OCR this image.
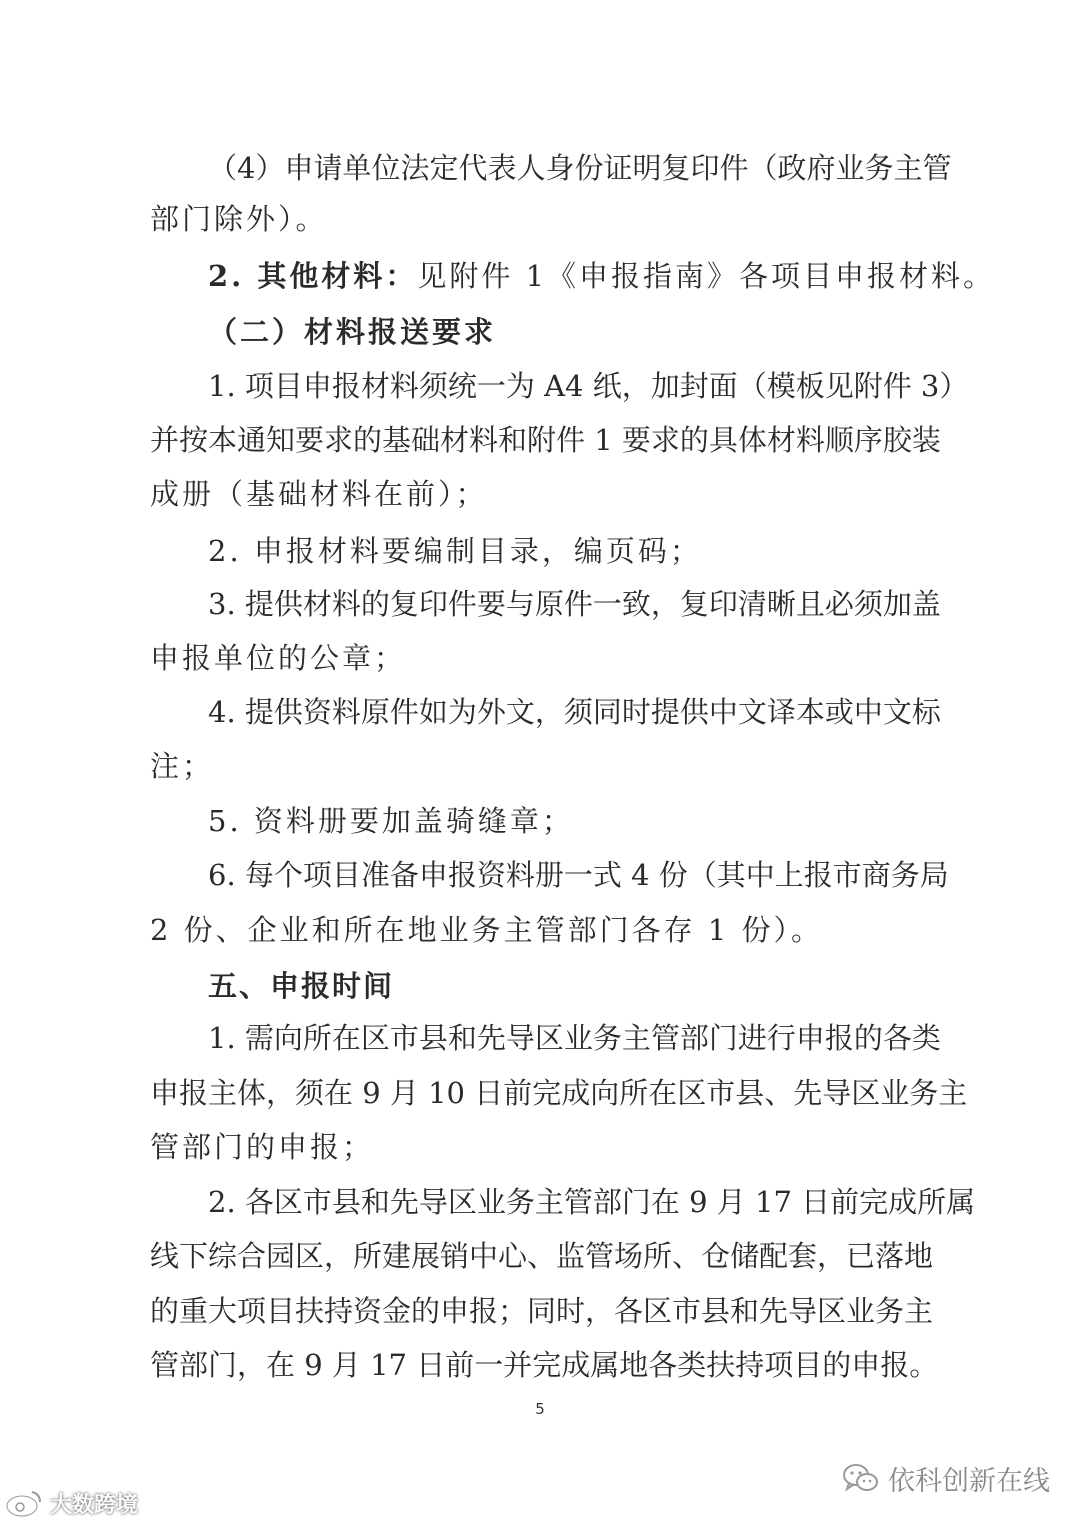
（4）申请单位法定代表人身份证明复印件（政府业务主管
部门除外）。
2. 其他材料：见附件 1《申报指南》各项目申报材料。
（二）材料报送要求
1. 项目申报材料须统一为 A4 纸，加封面（模板见附件 3）
并按本通知要求的基础材料和附件 1 要求的具体材料顺序胶装
成册（基础材料在前）；
2. 申报材料要编制目录，编页码；
3. 提供材料的复印件要与原件一致，复印清晰且必须加盖
申报单位的公章；
4. 提供资料原件如为外文，须同时提供中文译本或中文标
注；
5. 资料册要加盖骑缝章；
6. 每个项目准备申报资料册一式 4 份（其中上报市商务局
2 份、企业和所在地业务主管部门各存 1 份）。
五、申报时间
1. 需向所在区市县和先导区业务主管部门进行申报的各类
申报主体，须在 9 月 10 日前完成向所在区市县、先导区业务主
管部门的申报；
2. 各区市县和先导区业务主管部门在 9 月 17 日前完成所属
线下综合园区，所建展销中心、监管场所、仓储配套，已落地
的重大项目扶持资金的申报；同时，各区市县和先导区业务主
管部门，在 9 月 17 日前一并完成属地各类扶持项目的申报。
5
大数跨境
依科创新在线
